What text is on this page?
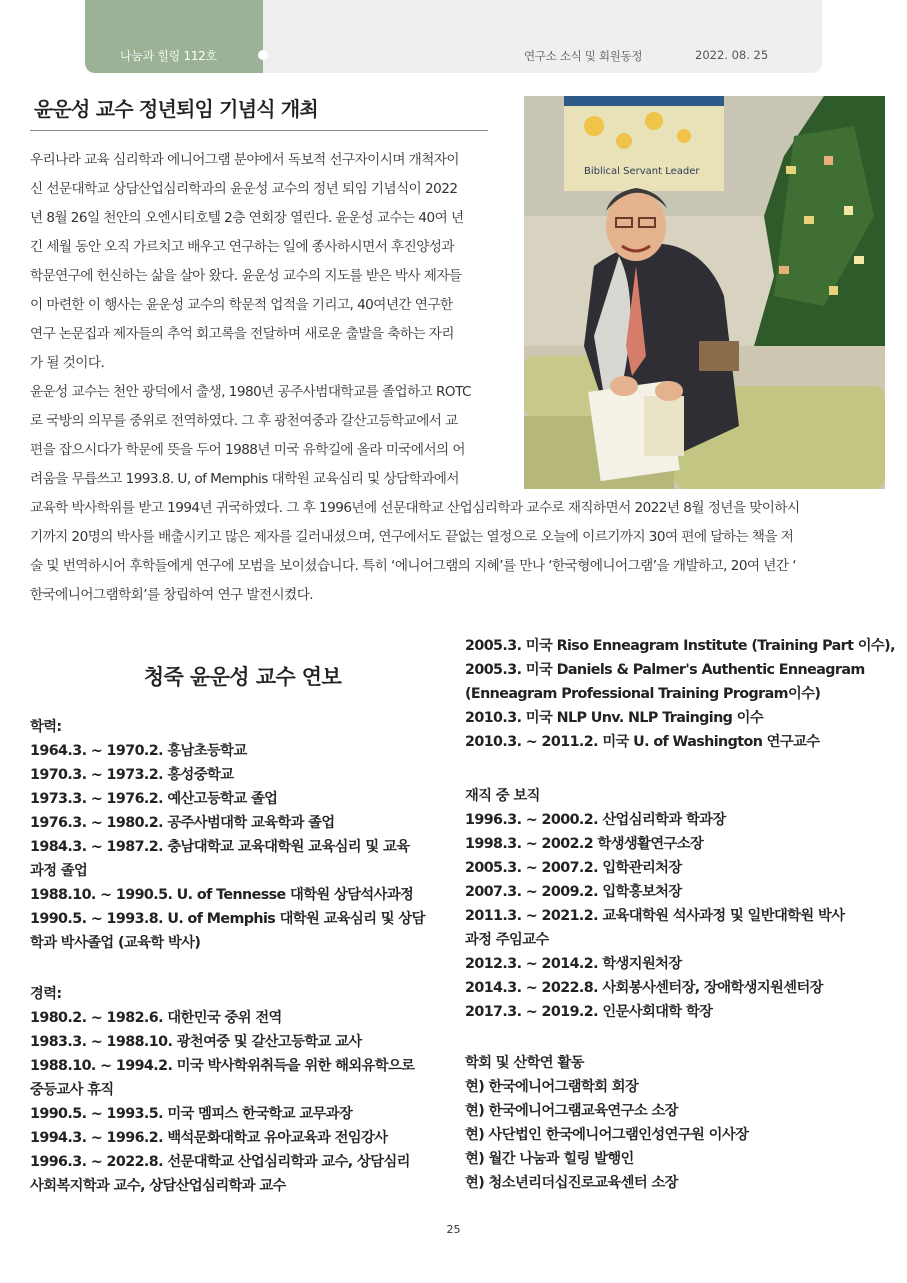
나눔과 힐링 112호	연구소 소식 및 회원동정	2022. 08. 25
윤운성 교수 정년퇴임 기념식 개최
Biblical Servant Leader
우리나라 교육 심리학과 에니어그램 분야에서 독보적 선구자이시며 개척자이
신 선문대학교 상담산업심리학과의 윤운성 교수의 정년 퇴임 기념식이 2022
년 8월 26일 천안의 오엔시티호텔 2층 연회장 열린다. 윤운성 교수는 40여 년
긴 세월 동안 오직 가르치고 배우고 연구하는 일에 종사하시면서 후진양성과
학문연구에 헌신하는 삶을 살아 왔다. 윤운성 교수의 지도를 받은 박사 제자들
이 마련한 이 행사는 윤운성 교수의 학문적 업적을 기리고, 40여년간 연구한
연구 논문집과 제자들의 추억 회고록을 전달하며 새로운 출발을 축하는 자리
가 될 것이다.
윤운성 교수는 천안 광덕에서 출생, 1980년 공주사범대학교를 졸업하고 ROTC
로 국방의 의무를 중위로 전역하였다. 그 후 광천여중과 갈산고등학교에서 교
편을 잡으시다가 학문에 뜻을 두어 1988년 미국 유학길에 올라 미국에서의 어
려움을 무릅쓰고 1993.8. U, of Memphis 대학원 교육심리 및 상담학과에서
교육학 박사학위를 받고 1994년 귀국하였다. 그 후 1996년에 선문대학교 산업심리학과 교수로 재직하면서 2022년 8월 정년을 맞이하시
기까지 20명의 박사를 배출시키고 많은 제자를 길러내셨으며, 연구에서도 끝없는 열정으로 오늘에 이르기까지 30여 편에 달하는 책을 저
술 및 번역하시어 후학들에게 연구에 모범을 보이셨습니다. 특히 ‘에니어그램의 지혜’를 만나 ‘한국형에니어그램’을 개발하고, 20여 년간 ‘
한국에니어그램학회’를 창립하여 연구 발전시켰다.
청죽 윤운성 교수 연보
학력:
1964.3. ~ 1970.2. 홍남초등학교
1970.3. ~ 1973.2. 홍성중학교
1973.3. ~ 1976.2. 예산고등학교 졸업
1976.3. ~ 1980.2. 공주사범대학 교육학과 졸업
1984.3. ~ 1987.2. 충남대학교 교육대학원 교육심리 및 교육
과정 졸업
1988.10. ~ 1990.5. U. of Tennesse 대학원 상담석사과정
1990.5. ~ 1993.8. U. of Memphis 대학원 교육심리 및 상담
학과 박사졸업 (교육학 박사)
경력:
1980.2. ~ 1982.6. 대한민국 중위 전역
1983.3. ~ 1988.10. 광천여중 및 갈산고등학교 교사
1988.10. ~ 1994.2. 미국 박사학위취득을 위한 해외유학으로
중등교사 휴직
1990.5. ~ 1993.5. 미국 멤피스 한국학교 교무과장
1994.3. ~ 1996.2. 백석문화대학교 유아교육과 전임강사
1996.3. ~ 2022.8. 선문대학교 산업심리학과 교수, 상담심리
사회복지학과 교수, 상담산업심리학과 교수
2005.3. 미국 Riso Enneagram Institute (Training Part 이수),
2005.3. 미국 Daniels & Palmer's Authentic Enneagram
(Enneagram Professional Training Program이수)
2010.3. 미국 NLP Unv. NLP Trainging 이수
2010.3. ~ 2011.2. 미국 U. of Washington 연구교수
재직 중 보직
1996.3. ~ 2000.2. 산업심리학과 학과장
1998.3. ~ 2002.2 학생생활연구소장
2005.3. ~ 2007.2. 입학관리처장
2007.3. ~ 2009.2. 입학홍보처장
2011.3. ~ 2021.2. 교육대학원 석사과정 및 일반대학원 박사
과정 주임교수
2012.3. ~ 2014.2. 학생지원처장
2014.3. ~ 2022.8. 사회봉사센터장, 장애학생지원센터장
2017.3. ~ 2019.2. 인문사회대학 학장
학회 및 산학연 활동
현) 한국에니어그램학회 회장
현) 한국에니어그램교육연구소 소장
현) 사단법인 한국에니어그램인성연구원 이사장
현) 월간 나눔과 힐링 발행인
현) 청소년리더십진로교육센터 소장
25
